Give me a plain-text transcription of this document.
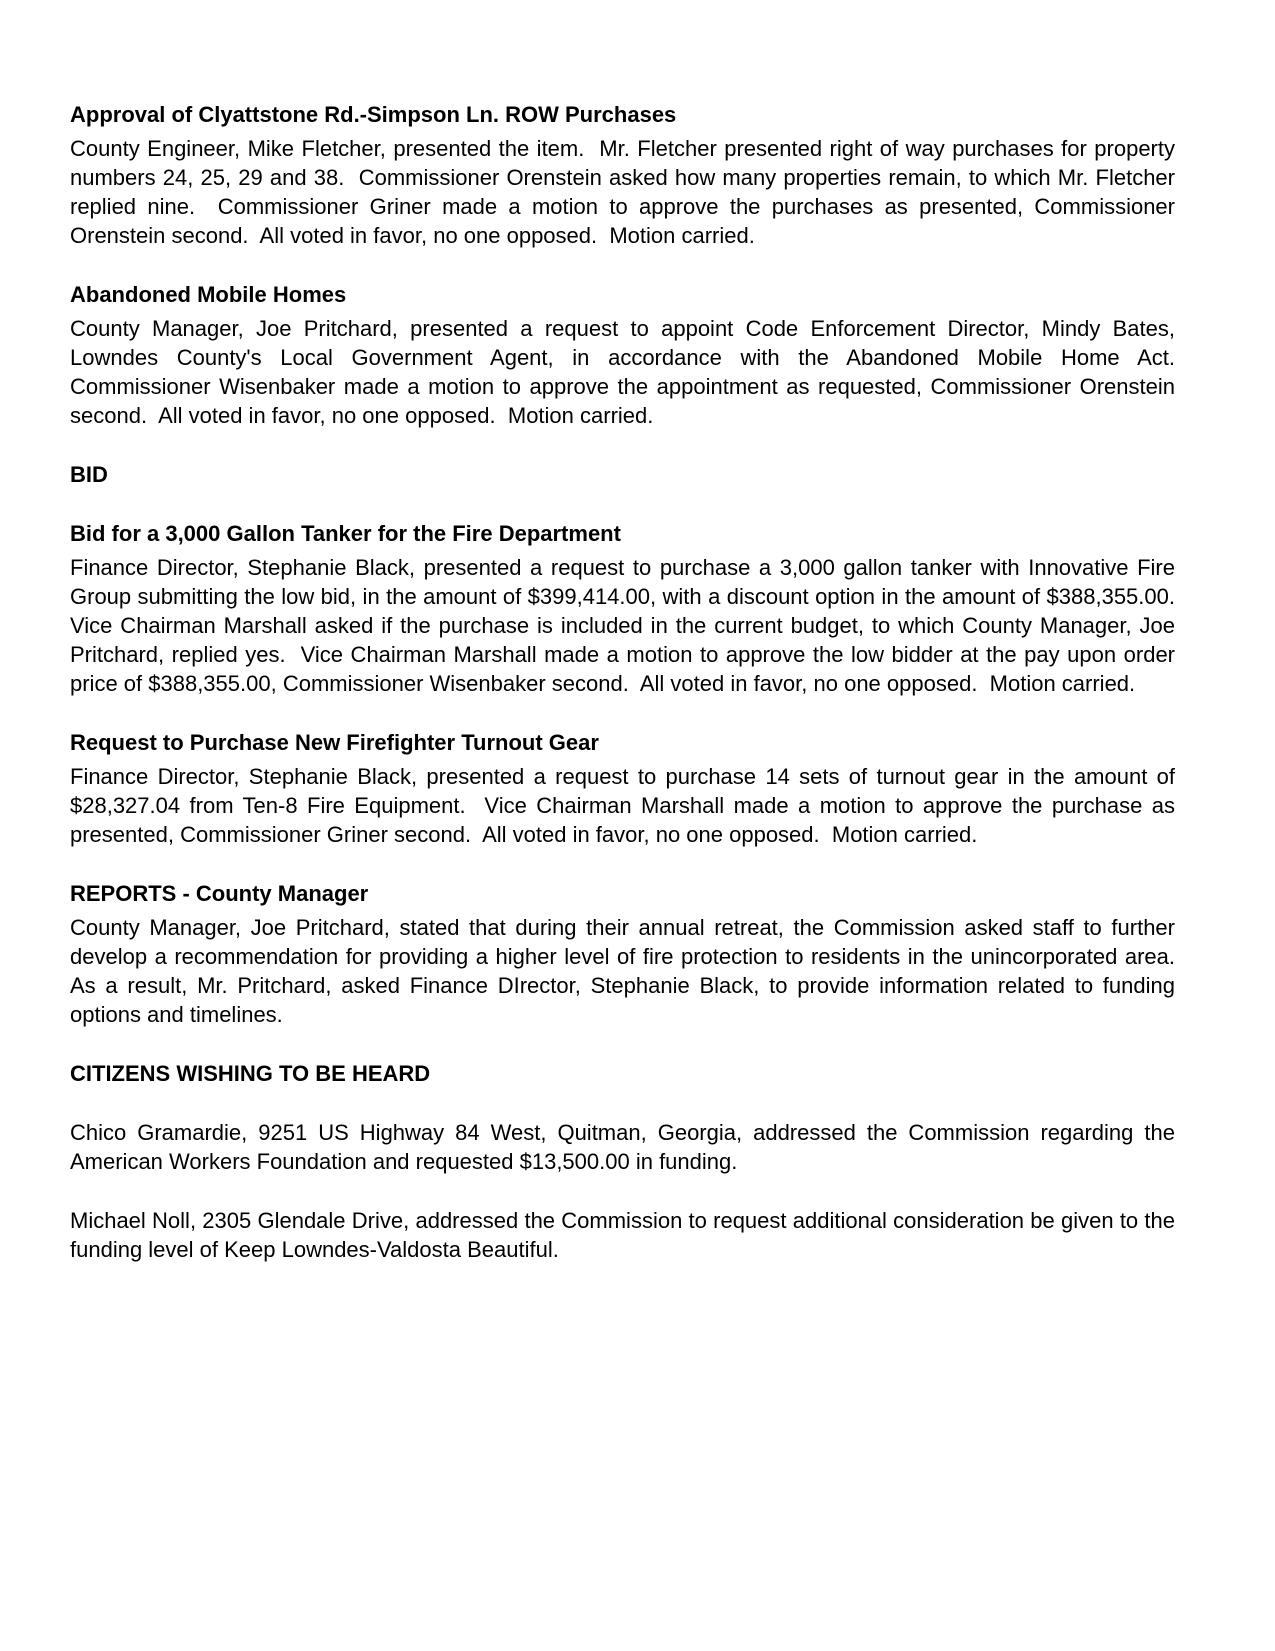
Approval of Clyattstone Rd.-Simpson Ln. ROW Purchases

County Engineer, Mike Fletcher, presented the item.  Mr. Fletcher presented right of way purchases for property numbers 24, 25, 29 and 38.  Commissioner Orenstein asked how many properties remain, to which Mr. Fletcher replied nine.  Commissioner Griner made a motion to approve the purchases as presented, Commissioner Orenstein second.  All voted in favor, no one opposed.  Motion carried.

Abandoned Mobile Homes

County Manager, Joe Pritchard, presented a request to appoint Code Enforcement Director, Mindy Bates, Lowndes County's Local Government Agent, in accordance with the Abandoned Mobile Home Act.  Commissioner Wisenbaker made a motion to approve the appointment as requested, Commissioner Orenstein second.  All voted in favor, no one opposed.  Motion carried.

BID
Bid for a 3,000 Gallon Tanker for the Fire Department

Finance Director, Stephanie Black, presented a request to purchase a 3,000 gallon tanker with Innovative Fire Group submitting the low bid, in the amount of $399,414.00, with a discount option in the amount of $388,355.00.  Vice Chairman Marshall asked if the purchase is included in the current budget, to which County Manager, Joe Pritchard, replied yes.  Vice Chairman Marshall made a motion to approve the low bidder at the pay upon order price of $388,355.00, Commissioner Wisenbaker second.  All voted in favor, no one opposed.  Motion carried.

Request to Purchase New Firefighter Turnout Gear

Finance Director, Stephanie Black, presented a request to purchase 14 sets of turnout gear in the amount of $28,327.04 from Ten-8 Fire Equipment.  Vice Chairman Marshall made a motion to approve the purchase as presented, Commissioner Griner second.  All voted in favor, no one opposed.  Motion carried.

REPORTS - County Manager

County Manager, Joe Pritchard, stated that during their annual retreat, the Commission asked staff to further develop a recommendation for providing a higher level of fire protection to residents in the unincorporated area.  As a result, Mr. Pritchard, asked Finance DIrector, Stephanie Black, to provide information related to funding options and timelines.

CITIZENS WISHING TO BE HEARD

Chico Gramardie, 9251 US Highway 84 West, Quitman, Georgia, addressed the Commission regarding the American Workers Foundation and requested $13,500.00 in funding.

Michael Noll, 2305 Glendale Drive, addressed the Commission to request additional consideration be given to the funding level of Keep Lowndes-Valdosta Beautiful.
